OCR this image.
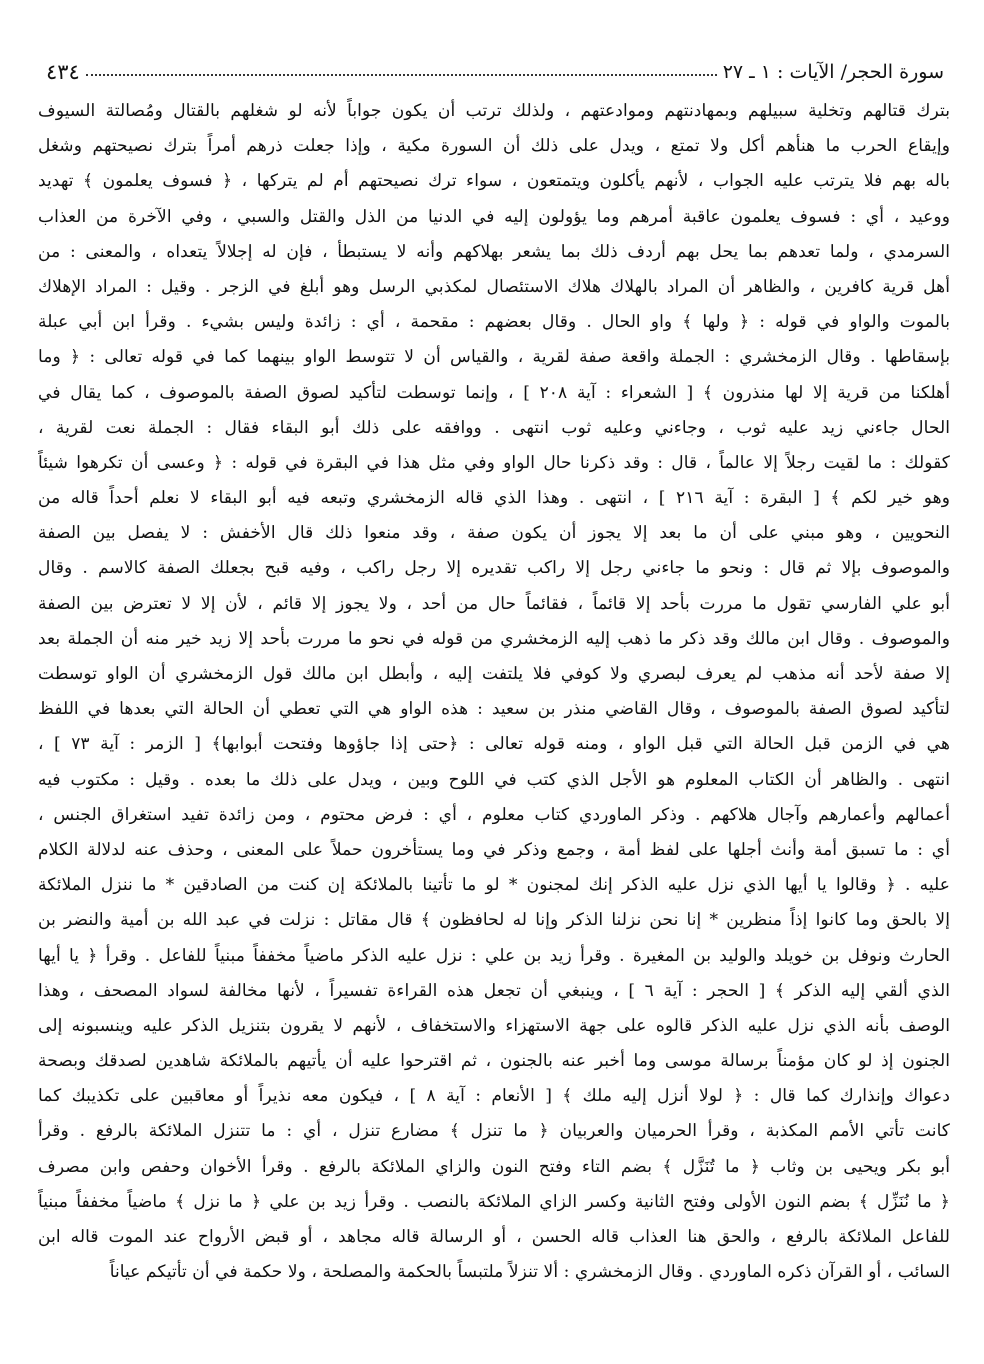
سورة الحجر/ الآيات : ١ ـ ٢٧
٤٣٤
بترك قتالهم وتخلية سبيلهم وبمهادنتهم وموادعتهم ، ولذلك ترتب أن يكون جواباً لأنه لو شغلهم بالقتال ومُصالتة السيوف
وإيقاع الحرب ما هنأهم أكل ولا تمتع ، ويدل على ذلك أن السورة مكية ، وإذا جعلت ذرهم أمراً بترك نصيحتهم وشغل
باله بهم فلا يترتب عليه الجواب ، لأنهم يأكلون ويتمتعون ، سواء ترك نصيحتهم أم لم يتركها ، ﴿ فسوف يعلمون ﴾ تهديد
ووعيد ، أي : فسوف يعلمون عاقبة أمرهم وما يؤولون إليه في الدنيا من الذل والقتل والسبي ، وفي الآخرة من العذاب
السرمدي ، ولما تعدهم بما يحل بهم أردف ذلك بما يشعر بهلاكهم وأنه لا يستبطأ ، فإن له إجلالاً يتعداه ، والمعنى : من
أهل قرية كافرين ، والظاهر أن المراد بالهلاك هلاك الاستئصال لمكذبي الرسل وهو أبلغ في الزجر . وقيل : المراد الإهلاك
بالموت والواو في قوله : ﴿ ولها ﴾ واو الحال . وقال بعضهم : مقحمة ، أي : زائدة وليس بشيء . وقرأ ابن أبي عبلة
بإسقاطها . وقال الزمخشري : الجملة واقعة صفة لقرية ، والقياس أن لا تتوسط الواو بينهما كما في قوله تعالى : ﴿ وما
أهلكنا من قرية إلا لها منذرون ﴾ [ الشعراء : آية ٢٠٨ ] ، وإنما توسطت لتأكيد لصوق الصفة بالموصوف ، كما يقال في
الحال جاءني زيد عليه ثوب ، وجاءني وعليه ثوب انتهى . ووافقه على ذلك أبو البقاء فقال : الجملة نعت لقرية ،
كقولك : ما لقيت رجلاً إلا عالماً ، قال : وقد ذكرنا حال الواو وفي مثل هذا في البقرة في قوله : ﴿ وعسى أن تكرهوا شيئاً
وهو خير لكم ﴾ [ البقرة : آية ٢١٦ ] ، انتهى . وهذا الذي قاله الزمخشري وتبعه فيه أبو البقاء لا نعلم أحداً قاله من
النحويين ، وهو مبني على أن ما بعد إلا يجوز أن يكون صفة ، وقد منعوا ذلك قال الأخفش : لا يفصل بين الصفة
والموصوف بإلا ثم قال : ونحو ما جاءني رجل إلا راكب تقديره إلا رجل راكب ، وفيه قبح بجعلك الصفة كالاسم . وقال
أبو علي الفارسي تقول ما مررت بأحد إلا قائماً ، فقائماً حال من أحد ، ولا يجوز إلا قائم ، لأن إلا لا تعترض بين الصفة
والموصوف . وقال ابن مالك وقد ذكر ما ذهب إليه الزمخشري من قوله في نحو ما مررت بأحد إلا زيد خير منه أن الجملة بعد
إلا صفة لأحد أنه مذهب لم يعرف لبصري ولا كوفي فلا يلتفت إليه ، وأبطل ابن مالك قول الزمخشري أن الواو توسطت
لتأكيد لصوق الصفة بالموصوف ، وقال القاضي منذر بن سعيد : هذه الواو هي التي تعطي أن الحالة التي بعدها في اللفظ
هي في الزمن قبل الحالة التي قبل الواو ، ومنه قوله تعالى : ﴿حتى إذا جاؤوها وفتحت أبوابها﴾ [ الزمر : آية ٧٣ ] ،
انتهى . والظاهر أن الكتاب المعلوم هو الأجل الذي كتب في اللوح وبين ، ويدل على ذلك ما بعده . وقيل : مكتوب فيه
أعمالهم وأعمارهم وآجال هلاكهم . وذكر الماوردي كتاب معلوم ، أي : فرض محتوم ، ومن زائدة تفيد استغراق الجنس ،
أي : ما تسبق أمة وأنث أجلها على لفظ أمة ، وجمع وذكر في وما يستأخرون حملاً على المعنى ، وحذف عنه لدلالة الكلام
عليه . ﴿ وقالوا يا أيها الذي نزل عليه الذكر إنك لمجنون * لو ما تأتينا بالملائكة إن كنت من الصادقين * ما ننزل الملائكة
إلا بالحق وما كانوا إذاً منظرين * إنا نحن نزلنا الذكر وإنا له لحافظون ﴾ قال مقاتل : نزلت في عبد الله بن أمية والنضر بن
الحارث ونوفل بن خويلد والوليد بن المغيرة . وقرأ زيد بن علي : نزل عليه الذكر ماضياً مخففاً مبنياً للفاعل . وقرأ ﴿ يا أيها
الذي ألقي إليه الذكر ﴾ [ الحجر : آية ٦ ] ، وينبغي أن تجعل هذه القراءة تفسيراً ، لأنها مخالفة لسواد المصحف ، وهذا
الوصف بأنه الذي نزل عليه الذكر قالوه على جهة الاستهزاء والاستخفاف ، لأنهم لا يقرون بتنزيل الذكر عليه وينسبونه إلى
الجنون إذ لو كان مؤمناً برسالة موسى وما أخبر عنه بالجنون ، ثم اقترحوا عليه أن يأتيهم بالملائكة شاهدين لصدقك وبصحة
دعواك وإنذارك كما قال : ﴿ لولا أنزل إليه ملك ﴾ [ الأنعام : آية ٨ ] ، فيكون معه نذيراً أو معاقبين على تكذيبك كما
كانت تأتي الأمم المكذبة ، وقرأ الحرميان والعربيان ﴿ ما تنزل ﴾ مضارع تنزل ، أي : ما تتنزل الملائكة بالرفع . وقرأ
أبو بكر ويحيى بن وثاب ﴿ ما تُنَزَّل ﴾ بضم التاء وفتح النون والزاي الملائكة بالرفع . وقرأ الأخوان وحفص وابن مصرف
﴿ ما نُنَزِّل ﴾ بضم النون الأولى وفتح الثانية وكسر الزاي الملائكة بالنصب . وقرأ زيد بن علي ﴿ ما نزل ﴾ ماضياً مخففاً مبنياً
للفاعل الملائكة بالرفع ، والحق هنا العذاب قاله الحسن ، أو الرسالة قاله مجاهد ، أو قبض الأرواح عند الموت قاله ابن
السائب ، أو القرآن ذكره الماوردي . وقال الزمخشري : ألا تنزلاً ملتبساً بالحكمة والمصلحة ، ولا حكمة في أن تأتيكم عياناً
